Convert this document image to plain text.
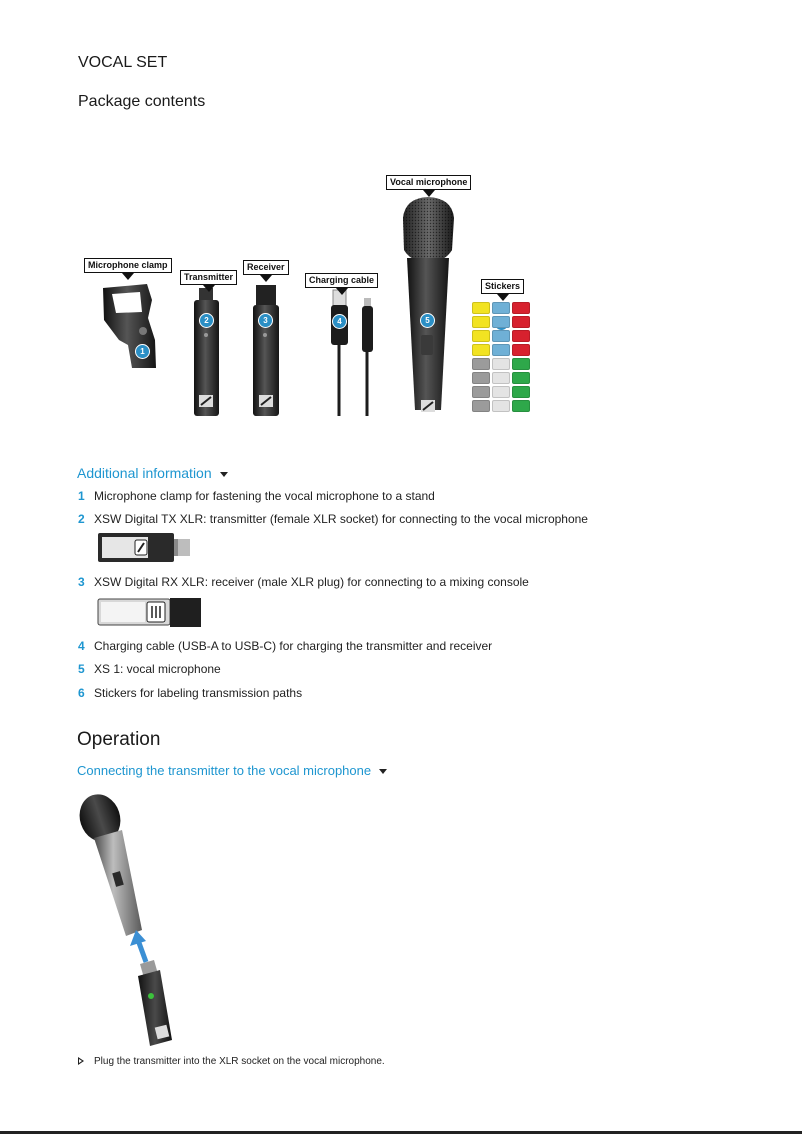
VOCAL SET
Package contents
Microphone clamp
Transmitter
Receiver
Charging cable
Vocal microphone
Stickers
1
2	3	4	5
Additional information
1 Microphone clamp for fastening the vocal microphone to a stand
2 XSW Digital TX XLR: transmitter (female XLR socket) for connecting to the vocal microphone
3 XSW Digital RX XLR: receiver (male XLR plug) for connecting to a mixing console
4 Charging cable (USB-A to USB-C) for charging the transmitter and receiver
5 XS 1: vocal microphone
6 Stickers for labeling transmission paths
Operation
Connecting the transmitter to the vocal microphone
Plug the transmitter into the XLR socket on the vocal microphone.
